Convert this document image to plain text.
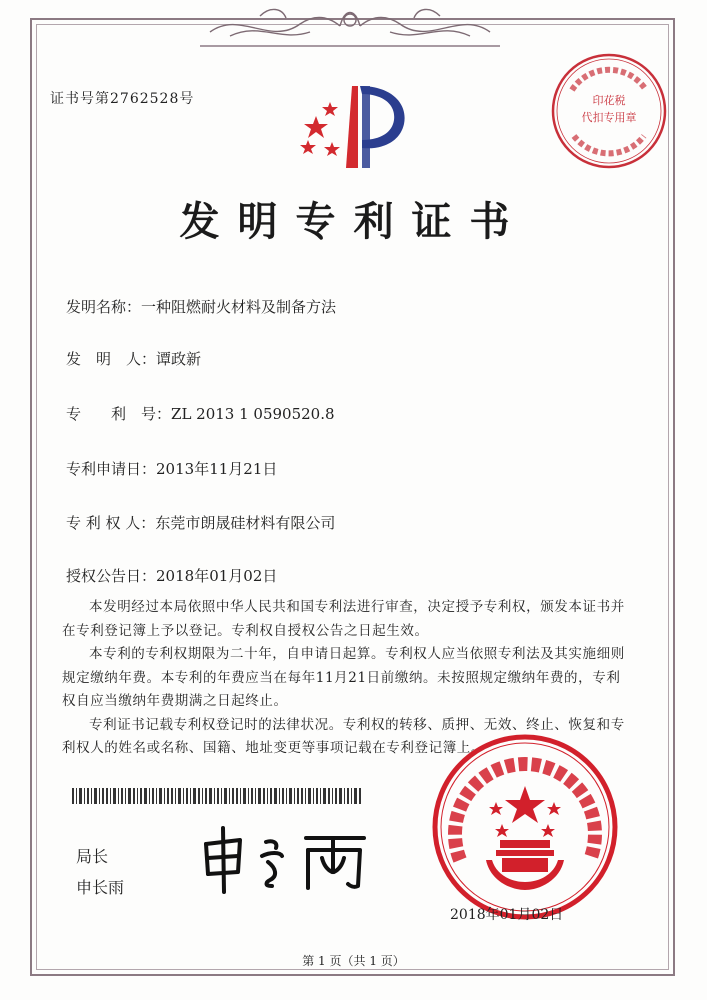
证书号第2762528号	印花税
代扣专用章
发明专利证书
发明名称：一种阻燃耐火材料及制备方法
发　明　人：谭政新
专　　利　号：ZL 2013 1 0590520.8
专利申请日：2013年11月21日
专 利 权 人：东莞市朗晟硅材料有限公司
授权公告日：2018年01月02日

本发明经过本局依照中华人民共和国专利法进行审查，决定授予专利权，颁发本证书并在专利登记簿上予以登记。专利权自授权公告之日起生效。

本专利的专利权期限为二十年，自申请日起算。专利权人应当依照专利法及其实施细则规定缴纳年费。本专利的年费应当在每年11月21日前缴纳。未按照规定缴纳年费的，专利权自应当缴纳年费期满之日起终止。

专利证书记载专利权登记时的法律状况。专利权的转移、质押、无效、终止、恢复和专利权人的姓名或名称、国籍、地址变更等事项记载在专利登记簿上。

局长
申长雨
2018年01月02日
第 1 页（共 1 页）
